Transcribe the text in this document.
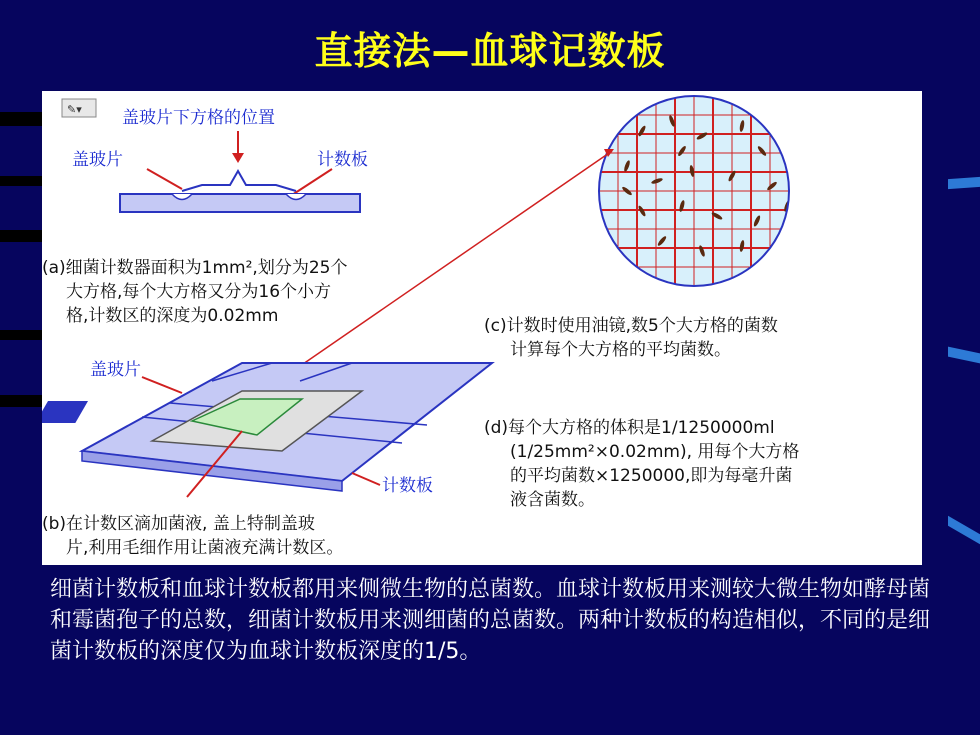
直接法—血球记数板
✎▾ 盖玻片下方格的位置
盖玻片	计数板
(a)细菌计数器面积为1mm²,划分为25个
大方格,每个大方格又分为16个小方
格,计数区的深度为0.02mm	(c)计数时使用油镜,数5个大方格的菌数
计算每个大方格的平均菌数。
盖玻片
计数板
(d)每个大方格的体积是1/1250000ml
(1/25mm²×0.02mm), 用每个大方格
的平均菌数×1250000,即为每毫升菌
液含菌数。
(b)在计数区滴加菌液, 盖上特制盖玻
片,利用毛细作用让菌液充满计数区。
细菌计数板和血球计数板都用来侧微生物的总菌数。血球计数板用来测较大微生物如酵母菌和霉菌孢子的总数，细菌计数板用来测细菌的总菌数。两种计数板的构造相似，不同的是细菌计数板的深度仅为血球计数板深度的1/5。
